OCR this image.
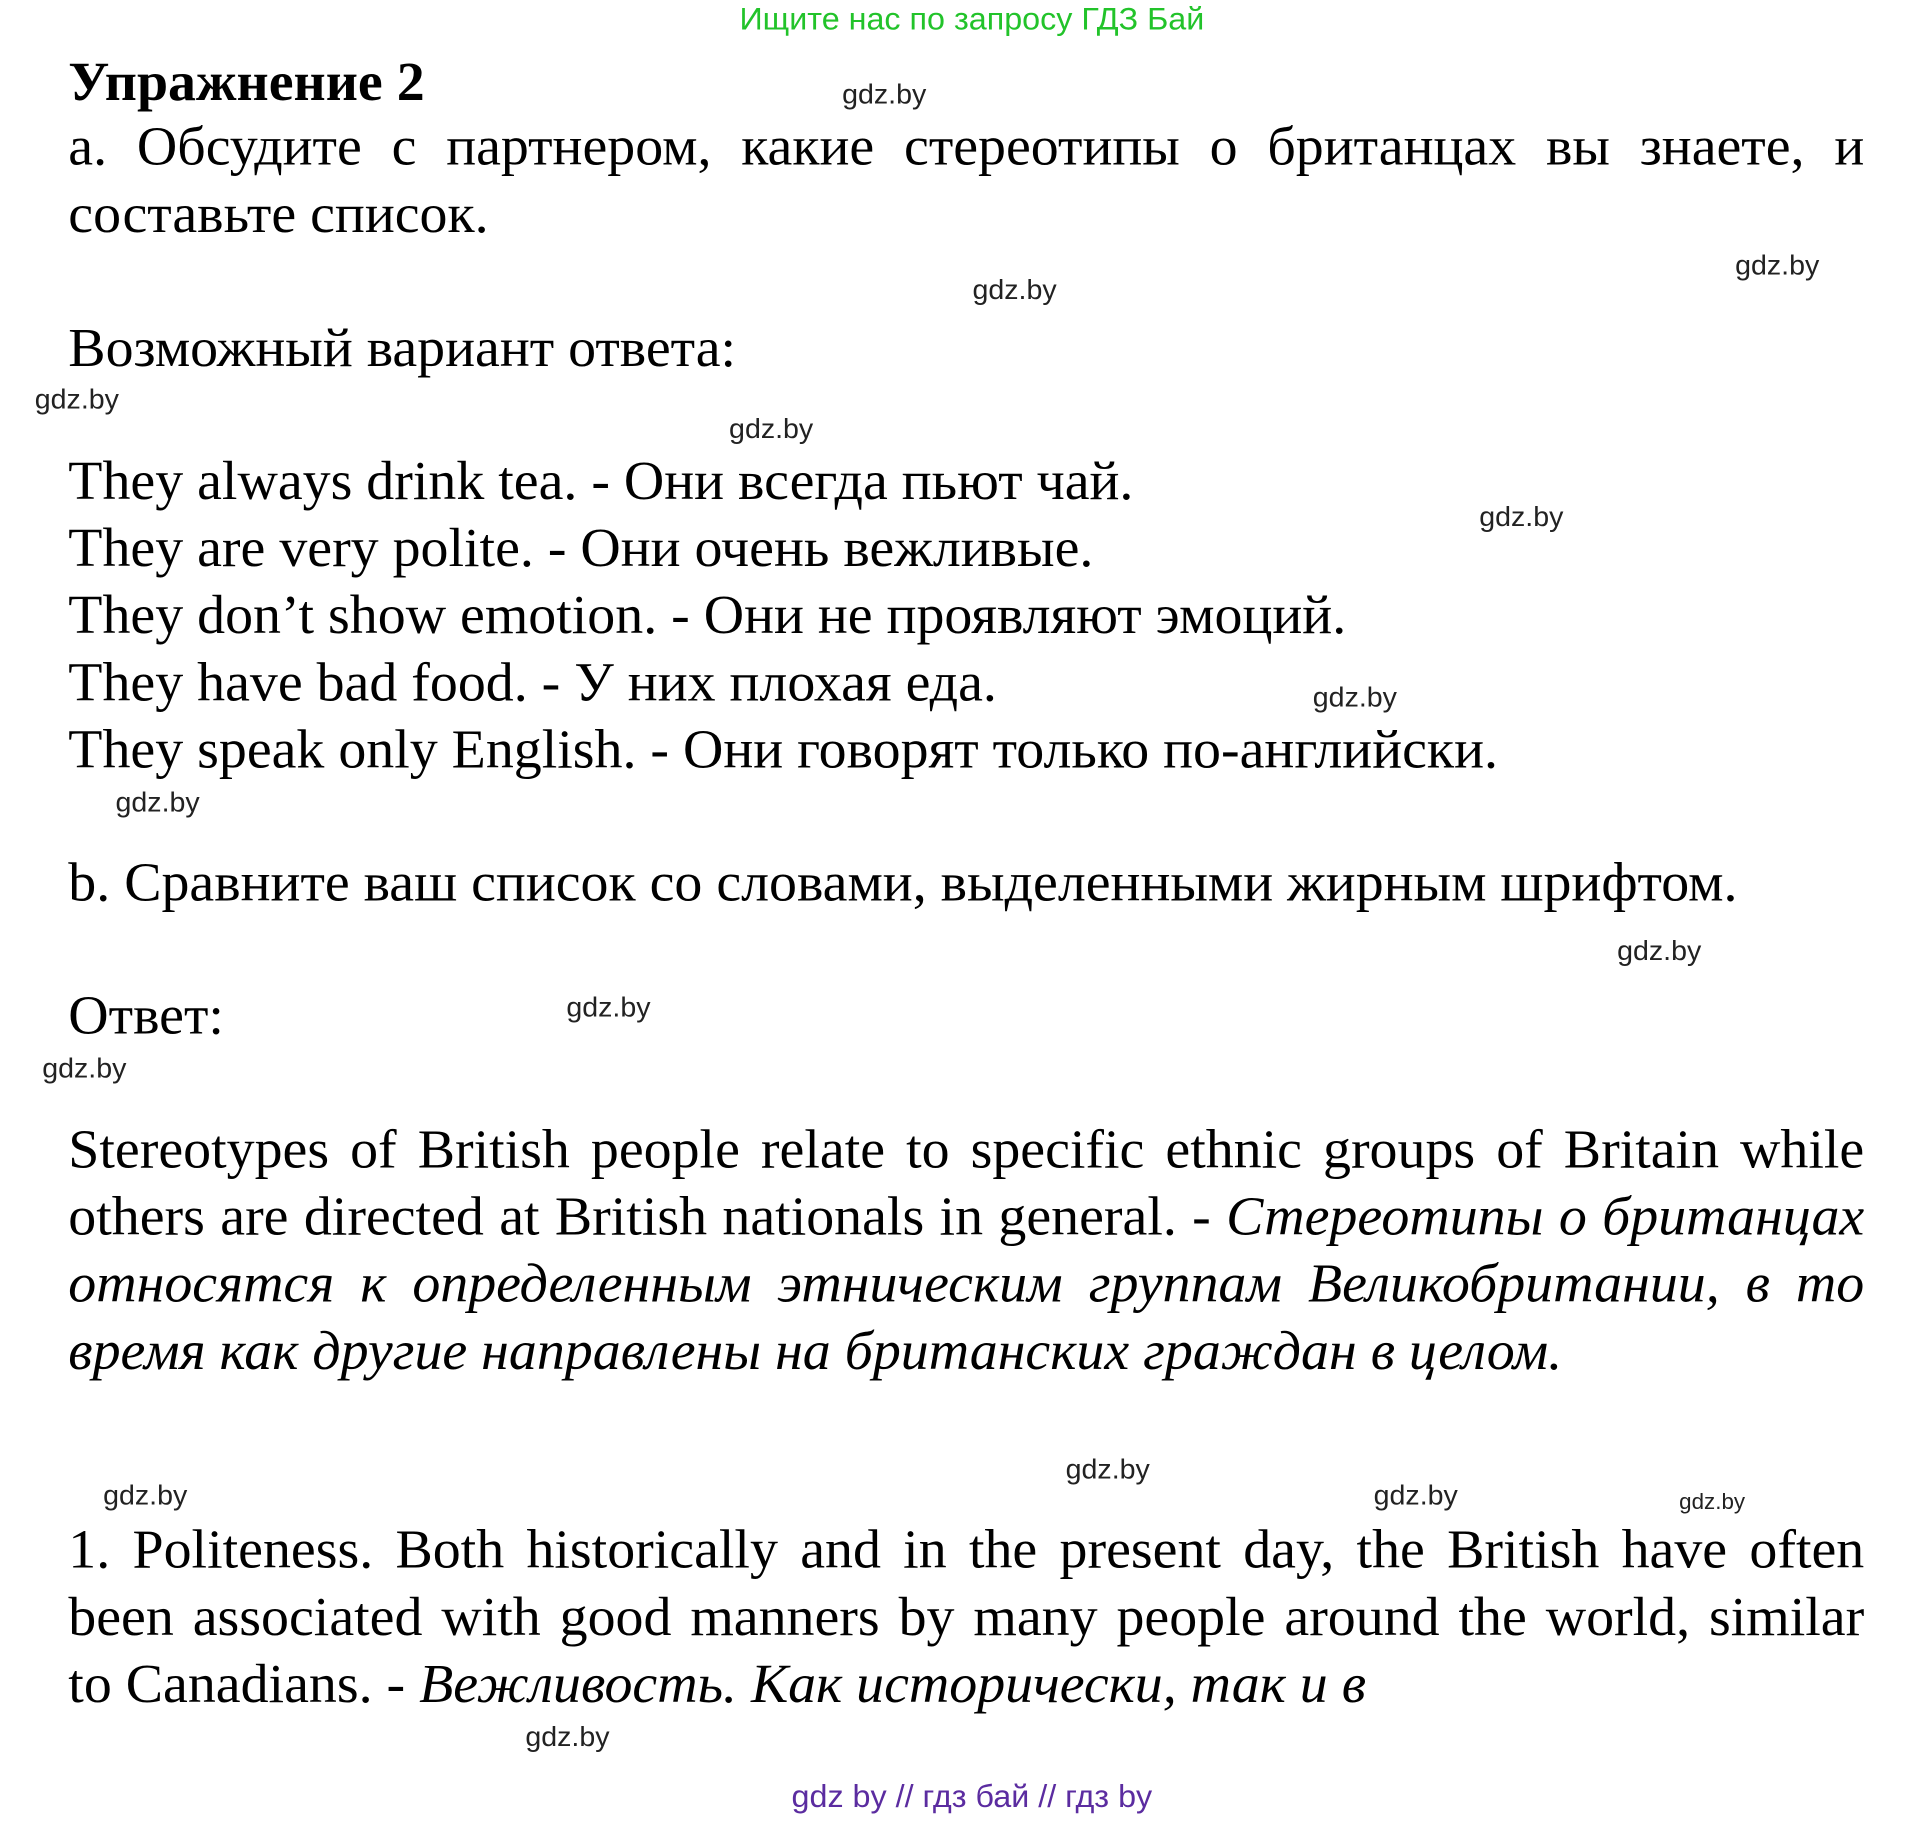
Ищите нас по запросу ГДЗ Бай
Упражнение 2
a. Обсудите с партнером, какие стереотипы о британцах вы знаете, и составьте список.
Возможный вариант ответа:
They always drink tea. - Они всегда пьют чай.
They are very polite. - Они очень вежливые.
They don’t show emotion. - Они не проявляют эмоций.
They have bad food. - У них плохая еда.
They speak only English. - Они говорят только по-английски.
b. Сравните ваш список со словами, выделенными жирным шрифтом.
Ответ:
Stereotypes of British people relate to specific ethnic groups of Britain while others are directed at British nationals in general. - Стереотипы о британцах относятся к определенным этническим группам Великобритании, в то время как другие направлены на британских граждан в целом.
1. Politeness. Both historically and in the present day, the British have often been associated with good manners by many people around the world, similar to Canadians. - Вежливость. Как исторически, так и в
gdz.by
gdz.by
gdz.by
gdz.by
gdz.by
gdz.by
gdz.by
gdz.by
gdz.by
gdz.by
gdz.by
gdz.by
gdz.by
gdz.by	gdz.by
gdz.by
gdz by // гдз бай // гдз by
